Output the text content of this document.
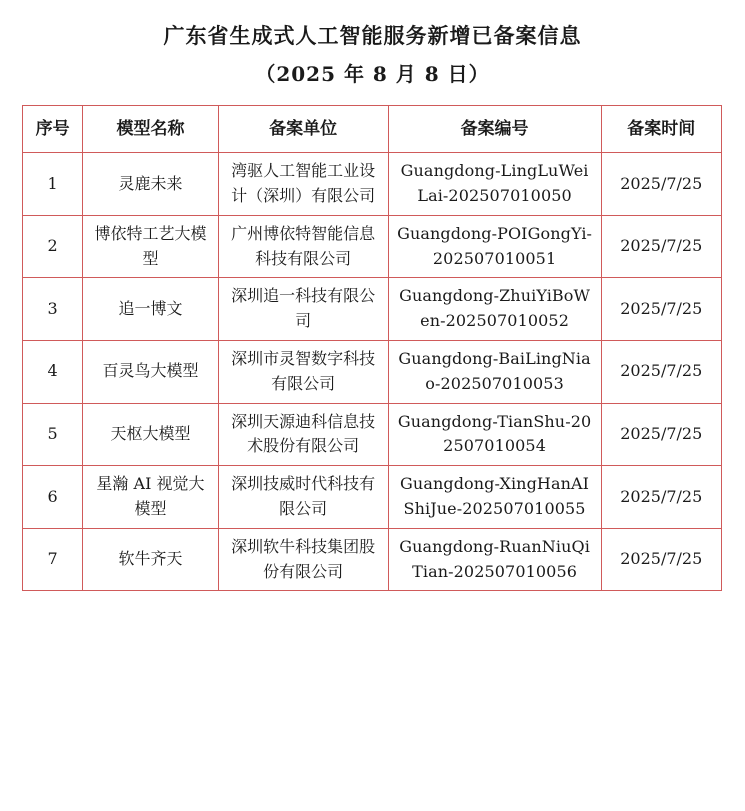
广东省生成式人工智能服务新增已备案信息
（2025 年 8 月 8 日）
序号	模型名称	备案单位	备案编号	备案时间
1	灵鹿未来	湾驱人工智能工业设计（深圳）有限公司	Guangdong-LingLuWeiLai-202507010050	2025/7/25
2	博依特工艺大模型	广州博依特智能信息科技有限公司	Guangdong-POIGongYi-202507010051	2025/7/25
3	追一博文	深圳追一科技有限公司	Guangdong-ZhuiYiBoWen-202507010052	2025/7/25
4	百灵鸟大模型	深圳市灵智数字科技有限公司	Guangdong-BaiLingNiao-202507010053	2025/7/25
5	天枢大模型	深圳天源迪科信息技术股份有限公司	Guangdong-TianShu-202507010054	2025/7/25
6	星瀚 AI 视觉大模型	深圳技威时代科技有限公司	Guangdong-XingHanAIShiJue-202507010055	2025/7/25
7	软牛齐天	深圳软牛科技集团股份有限公司	Guangdong-RuanNiuQiTian-202507010056	2025/7/25
